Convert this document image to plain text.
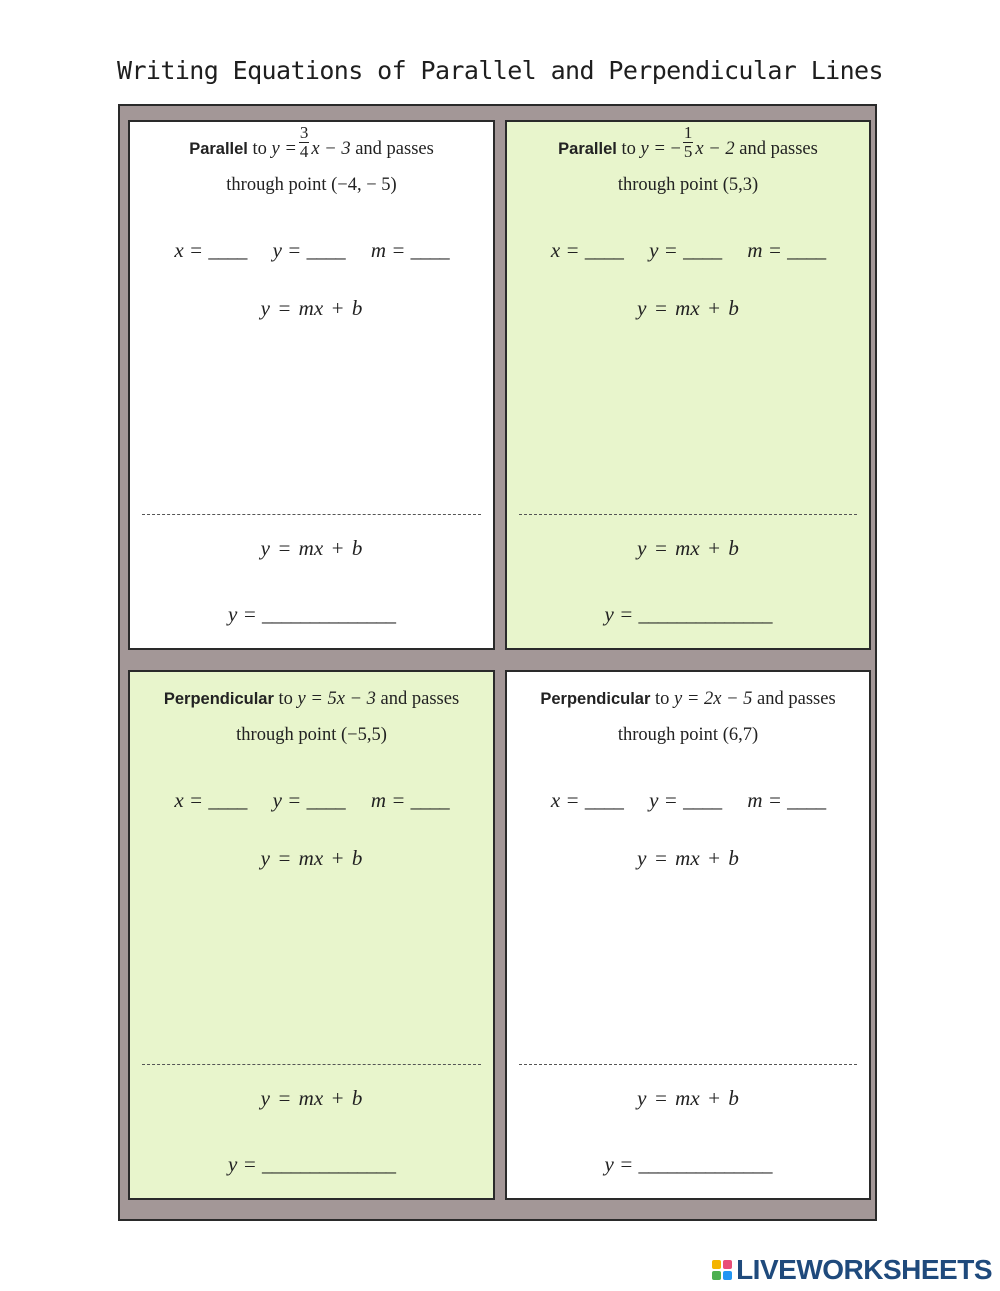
Writing Equations of Parallel and Perpendicular Lines
Parallel to $y = \frac{3}{4}$ x − 3 and passes
through point (−4, − 5)
x = ____ y = ____ m = ____
y = mx + b
y = mx + b
y = ______________
Parallel to y = − $\frac{1}{5}$ x − 2 and passes
through point (5,3)
x = ____ y = ____ m = ____
y = mx + b
y = mx + b
y = ______________
Perpendicular to y = 5x − 3 and passes
through point (−5,5)
x = ____ y = ____ m = ____
y = mx + b
y = mx + b
y = ______________
Perpendicular to y = 2x − 5 and passes
through point (6,7)
x = ____ y = ____ m = ____
y = mx + b
y = mx + b
y = ______________
LIVEWORKSHEETS
